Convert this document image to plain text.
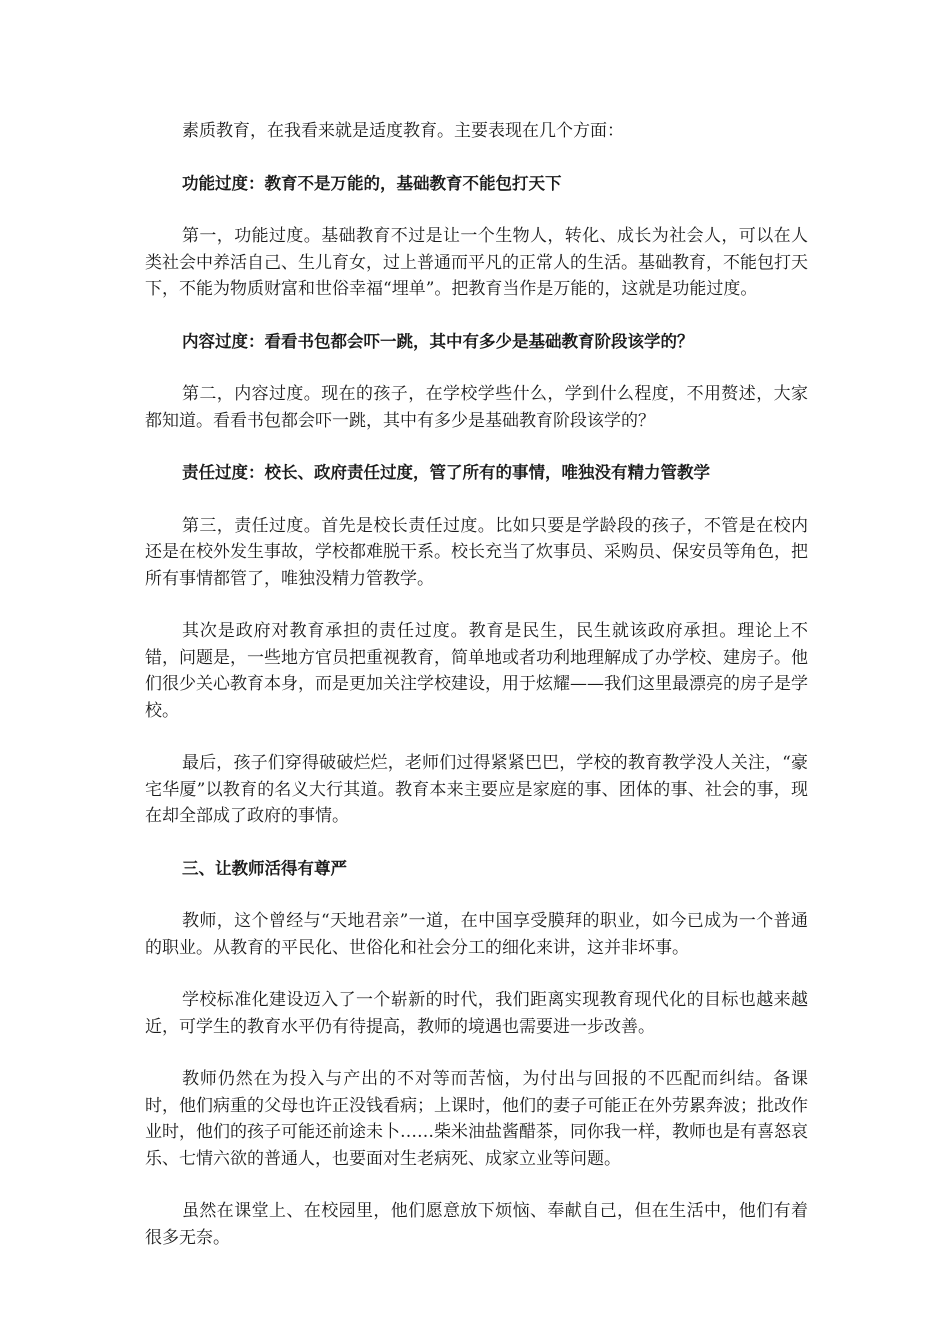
素质教育，在我看来就是适度教育。主要表现在几个方面：

功能过度：教育不是万能的，基础教育不能包打天下

第一，功能过度。基础教育不过是让一个生物人，转化、成长为社会人，可以在人类社会中养活自己、生儿育女，过上普通而平凡的正常人的生活。基础教育，不能包打天下，不能为物质财富和世俗幸福“埋单”。把教育当作是万能的，这就是功能过度。

内容过度：看看书包都会吓一跳，其中有多少是基础教育阶段该学的？

第二，内容过度。现在的孩子，在学校学些什么，学到什么程度，不用赘述，大家都知道。看看书包都会吓一跳，其中有多少是基础教育阶段该学的？

责任过度：校长、政府责任过度，管了所有的事情，唯独没有精力管教学

第三，责任过度。首先是校长责任过度。比如只要是学龄段的孩子，不管是在校内还是在校外发生事故，学校都难脱干系。校长充当了炊事员、采购员、保安员等角色，把所有事情都管了，唯独没精力管教学。

其次是政府对教育承担的责任过度。教育是民生，民生就该政府承担。理论上不错，问题是，一些地方官员把重视教育，简单地或者功利地理解成了办学校、建房子。他们很少关心教育本身，而是更加关注学校建设，用于炫耀——我们这里最漂亮的房子是学校。

最后，孩子们穿得破破烂烂，老师们过得紧紧巴巴，学校的教育教学没人关注，“豪宅华厦”以教育的名义大行其道。教育本来主要应是家庭的事、团体的事、社会的事，现在却全部成了政府的事情。

三、让教师活得有尊严

教师，这个曾经与“天地君亲”一道，在中国享受膜拜的职业，如今已成为一个普通的职业。从教育的平民化、世俗化和社会分工的细化来讲，这并非坏事。

学校标准化建设迈入了一个崭新的时代，我们距离实现教育现代化的目标也越来越近，可学生的教育水平仍有待提高，教师的境遇也需要进一步改善。

教师仍然在为投入与产出的不对等而苦恼，为付出与回报的不匹配而纠结。备课时，他们病重的父母也许正没钱看病；上课时，他们的妻子可能正在外劳累奔波；批改作业时，他们的孩子可能还前途未卜……柴米油盐酱醋茶，同你我一样，教师也是有喜怒哀乐、七情六欲的普通人，也要面对生老病死、成家立业等问题。

虽然在课堂上、在校园里，他们愿意放下烦恼、奉献自己，但在生活中，他们有着很多无奈。
